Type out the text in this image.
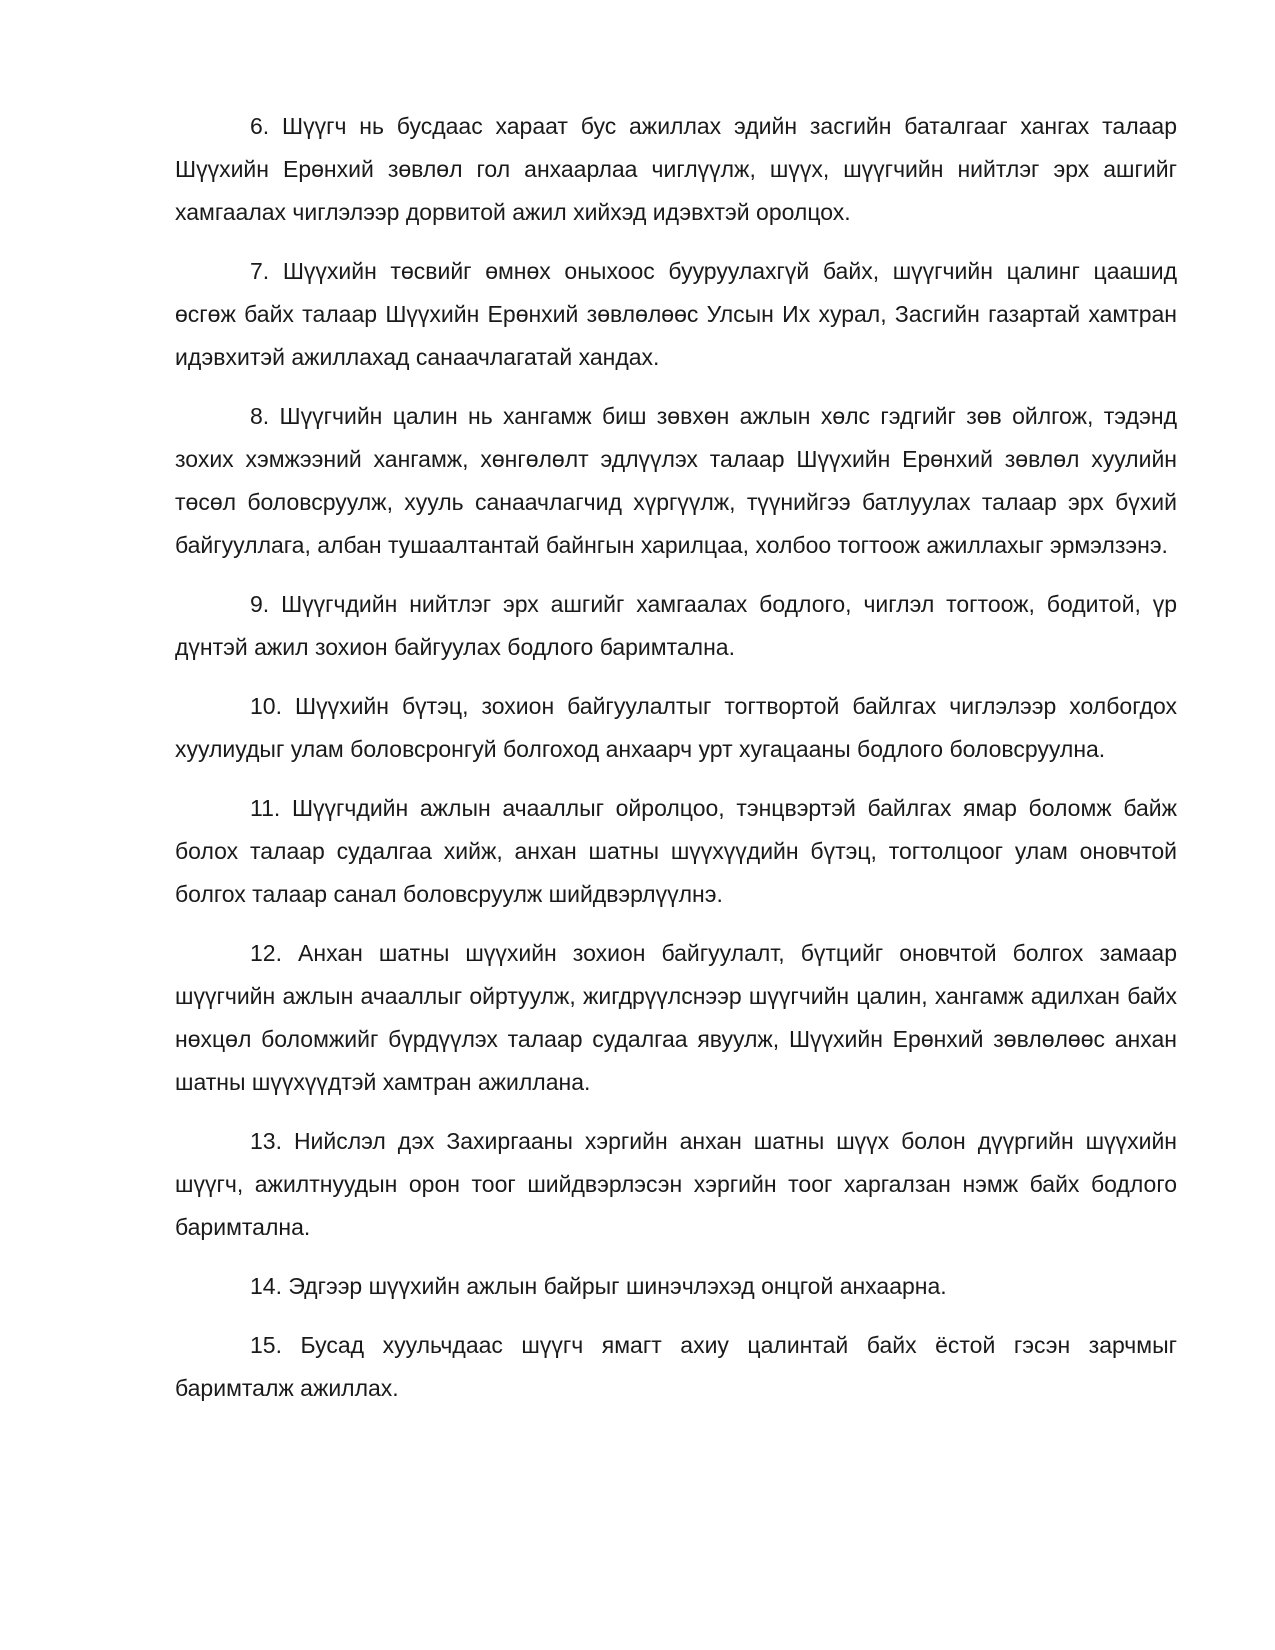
6. Шүүгч нь бусдаас хараат бус ажиллах эдийн засгийн баталгааг хангах талаар Шүүхийн Ерөнхий зөвлөл гол анхаарлаа чиглүүлж, шүүх, шүүгчийн нийтлэг эрх ашгийг хамгаалах чиглэлээр дорвитой ажил хийхэд идэвхтэй оролцох.

7. Шүүхийн төсвийг өмнөх оныхоос бууруулахгүй байх, шүүгчийн цалинг цаашид өсгөж байх талаар Шүүхийн Ерөнхий зөвлөлөөс Улсын Их хурал, Засгийн газартай хамтран идэвхитэй ажиллахад санаачлагатай хандах.

8. Шүүгчийн цалин нь хангамж биш зөвхөн ажлын хөлс гэдгийг зөв ойлгож, тэдэнд зохих хэмжээний хангамж, хөнгөлөлт эдлүүлэх талаар Шүүхийн Ерөнхий зөвлөл хуулийн төсөл боловсруулж, хууль санаачлагчид хүргүүлж, түүнийгээ батлуулах талаар эрх бүхий байгууллага, албан тушаалтантай байнгын харилцаа, холбоо тогтоож ажиллахыг эрмэлзэнэ.

9. Шүүгчдийн нийтлэг эрх ашгийг хамгаалах бодлого, чиглэл тогтоож, бодитой, үр дүнтэй ажил зохион байгуулах бодлого баримтална.

10. Шүүхийн бүтэц, зохион байгуулалтыг тогтвортой байлгах чиглэлээр холбогдох хуулиудыг улам боловсронгуй болгоход анхаарч урт хугацааны бодлого боловсруулна.

11. Шүүгчдийн ажлын ачааллыг ойролцоо, тэнцвэртэй байлгах ямар боломж байж болох талаар судалгаа хийж, анхан шатны шүүхүүдийн бүтэц, тогтолцоог улам оновчтой болгох талаар санал боловсруулж шийдвэрлүүлнэ.

12. Анхан шатны шүүхийн зохион байгуулалт, бүтцийг оновчтой болгох замаар шүүгчийн ажлын ачааллыг ойртуулж, жигдрүүлснээр шүүгчийн цалин, хангамж адилхан байх нөхцөл боломжийг бүрдүүлэх талаар судалгаа явуулж, Шүүхийн Ерөнхий зөвлөлөөс анхан шатны шүүхүүдтэй хамтран ажиллана.

13. Нийслэл дэх Захиргааны хэргийн анхан шатны шүүх болон дүүргийн шүүхийн шүүгч, ажилтнуудын орон тоог шийдвэрлэсэн хэргийн тоог харгалзан нэмж байх бодлого баримтална.

14. Эдгээр шүүхийн ажлын байрыг шинэчлэхэд онцгой анхаарна.

15. Бусад хуульчдаас шүүгч ямагт ахиу цалинтай байх ёстой гэсэн зарчмыг баримталж ажиллах.
